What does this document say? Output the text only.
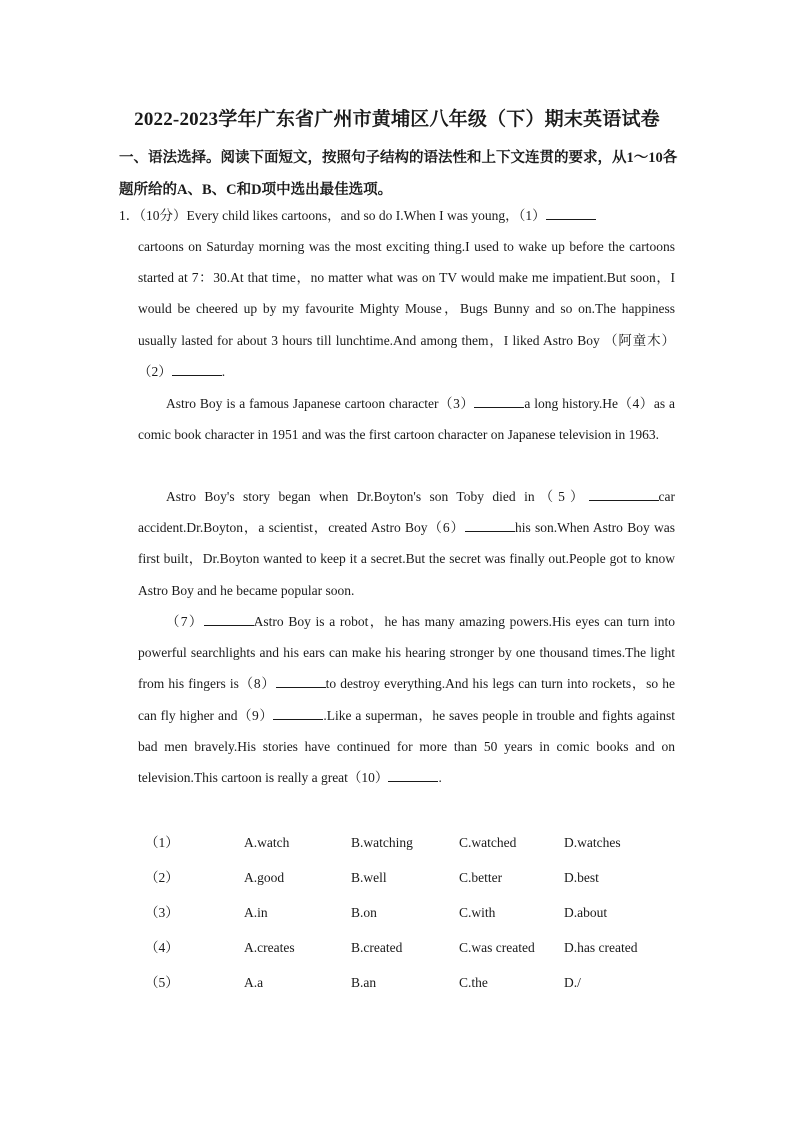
2022-2023学年广东省广州市黄埔区八年级（下）期末英语试卷
一、语法选择。阅读下面短文，按照句子结构的语法性和上下文连贯的要求，从1～10各题所给的A、B、C和D项中选出最佳选项。
1．（10分）Every child likes cartoons，and so do I.When I was young，（1）
cartoons on Saturday morning was the most exciting thing.I used to wake up before the cartoons started at 7：30.At that time，no matter what was on TV would make me impatient.But soon，I would be cheered up by my favourite Mighty Mouse，Bugs Bunny and so on.The happiness usually lasted for about 3 hours till lunchtime.And among them，I liked Astro Boy （阿童木）（2）	.
Astro Boy is a famous Japanese cartoon character（3）	a long history.He（4）as a comic book character in 1951 and was the first cartoon character on Japanese television in 1963.
Astro Boy's story began when Dr.Boyton's son Toby died in（5）	car accident.Dr.Boyton，a scientist，created Astro Boy（6）	his son.When Astro Boy was first built，Dr.Boyton wanted to keep it a secret.But the secret was finally out.People got to know Astro Boy and he became popular soon.
（7）	Astro Boy is a robot，he has many amazing powers.His eyes can turn into powerful searchlights and his ears can make his hearing stronger by one thousand times.The light from his fingers is（8）	to destroy everything.And his legs can turn into rockets，so he can fly higher and（9）	.Like a superman，he saves people in trouble and fights against bad men bravely.His stories have continued for more than 50 years in comic books and on television.This cartoon is really a great（10）	.
（1）	A.watch	B.watching	C.watched	D.watches
（2）	A.good	B.well	C.better	D.best
（3）	A.in	B.on	C.with	D.about
（4）	A.creates	B.created	C.was created D.has created
（5）	A.a	B.an	C.the	D./
